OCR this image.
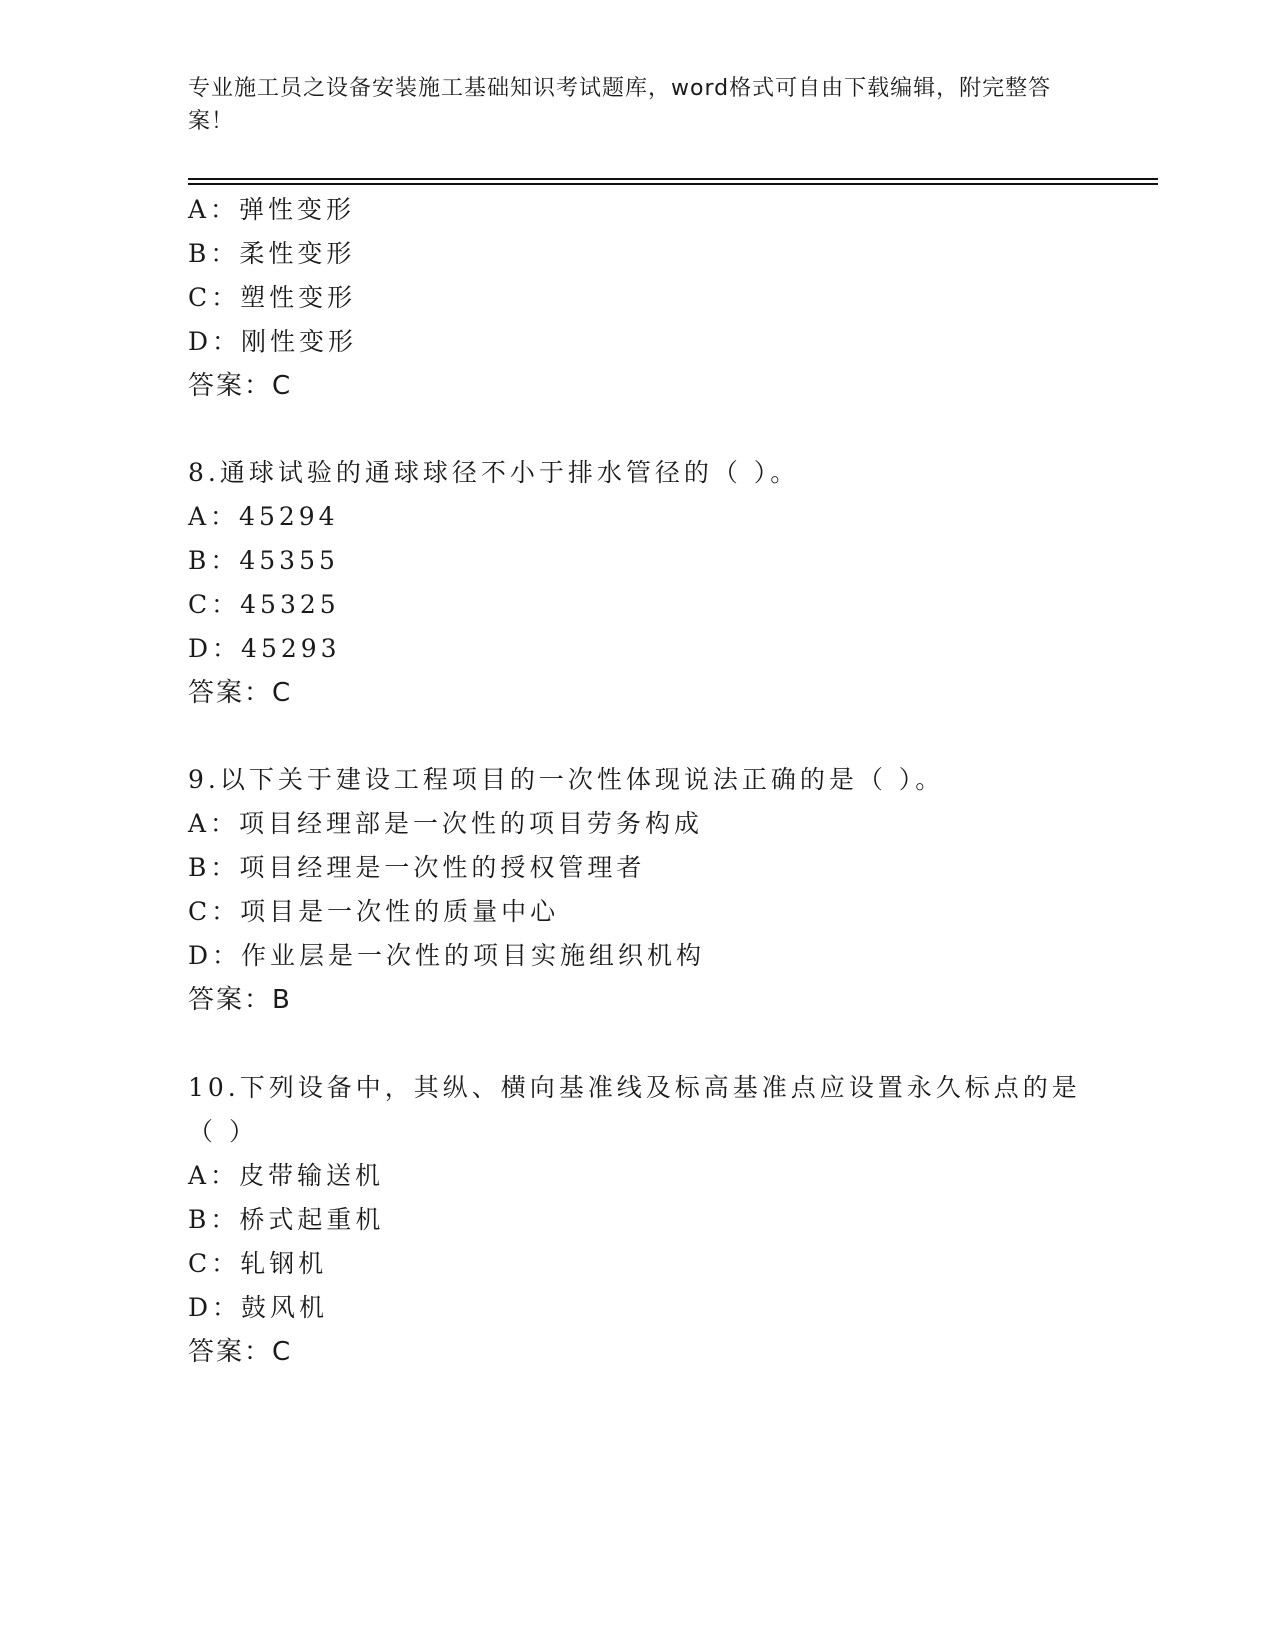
专业施工员之设备安装施工基础知识考试题库，word格式可自由下载编辑，附完整答案！
A：弹性变形
B：柔性变形
C：塑性变形
D：刚性变形
答案：C
8.通球试验的通球球径不小于排水管径的（ ）。
A：45294
B：45355
C：45325
D：45293
答案：C
9.以下关于建设工程项目的一次性体现说法正确的是（ ）。
A：项目经理部是一次性的项目劳务构成
B：项目经理是一次性的授权管理者
C：项目是一次性的质量中心
D：作业层是一次性的项目实施组织机构
答案：B
10.下列设备中，其纵、横向基准线及标高基准点应设置永久标点的是
（ ）
A：皮带输送机
B：桥式起重机
C：轧钢机
D：鼓风机
答案：C
